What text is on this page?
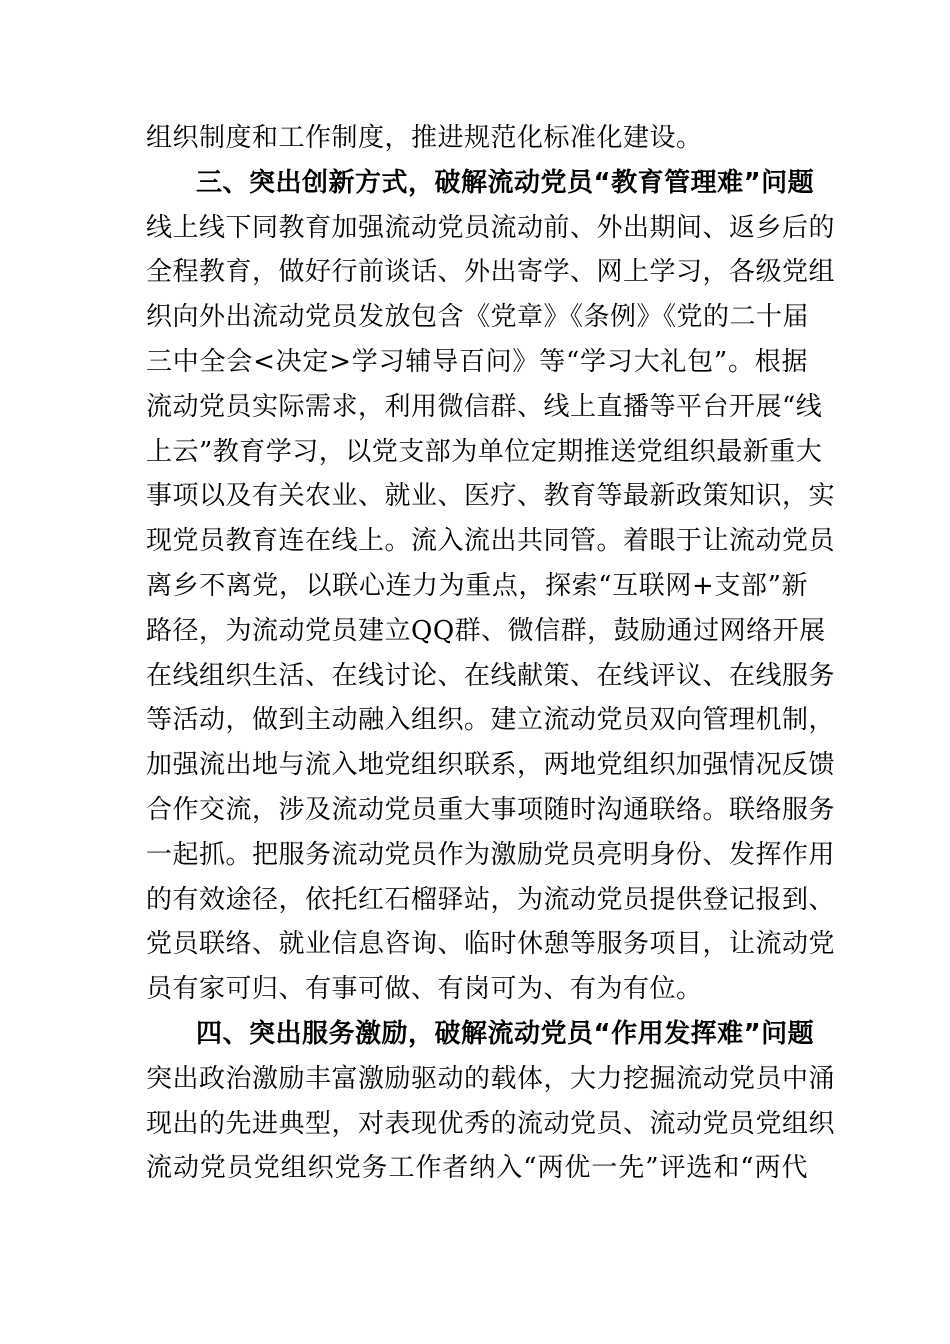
组织制度和工作制度，推进规范化标准化建设。
三、突出创新方式，破解流动党员“教育管理难”问题
线上线下同教育加强流动党员流动前、外出期间、返乡后的
全程教育，做好行前谈话、外出寄学、网上学习，各级党组
织向外出流动党员发放包含《党章》《条例》《党的二十届
三中全会<决定>学习辅导百问》等“学习大礼包”。根据
流动党员实际需求，利用微信群、线上直播等平台开展“线
上云”教育学习，以党支部为单位定期推送党组织最新重大
事项以及有关农业、就业、医疗、教育等最新政策知识，实
现党员教育连在线上。流入流出共同管。着眼于让流动党员
离乡不离党，以联心连力为重点，探索“互联网+支部”新
路径，为流动党员建立QQ群、微信群，鼓励通过网络开展
在线组织生活、在线讨论、在线献策、在线评议、在线服务
等活动，做到主动融入组织。建立流动党员双向管理机制，
加强流出地与流入地党组织联系，两地党组织加强情况反馈
合作交流，涉及流动党员重大事项随时沟通联络。联络服务
一起抓。把服务流动党员作为激励党员亮明身份、发挥作用
的有效途径，依托红石榴驿站，为流动党员提供登记报到、
党员联络、就业信息咨询、临时休憩等服务项目，让流动党
员有家可归、有事可做、有岗可为、有为有位。
四、突出服务激励，破解流动党员“作用发挥难”问题
突出政治激励丰富激励驱动的载体，大力挖掘流动党员中涌
现出的先进典型，对表现优秀的流动党员、流动党员党组织
流动党员党组织党务工作者纳入“两优一先”评选和“两代
